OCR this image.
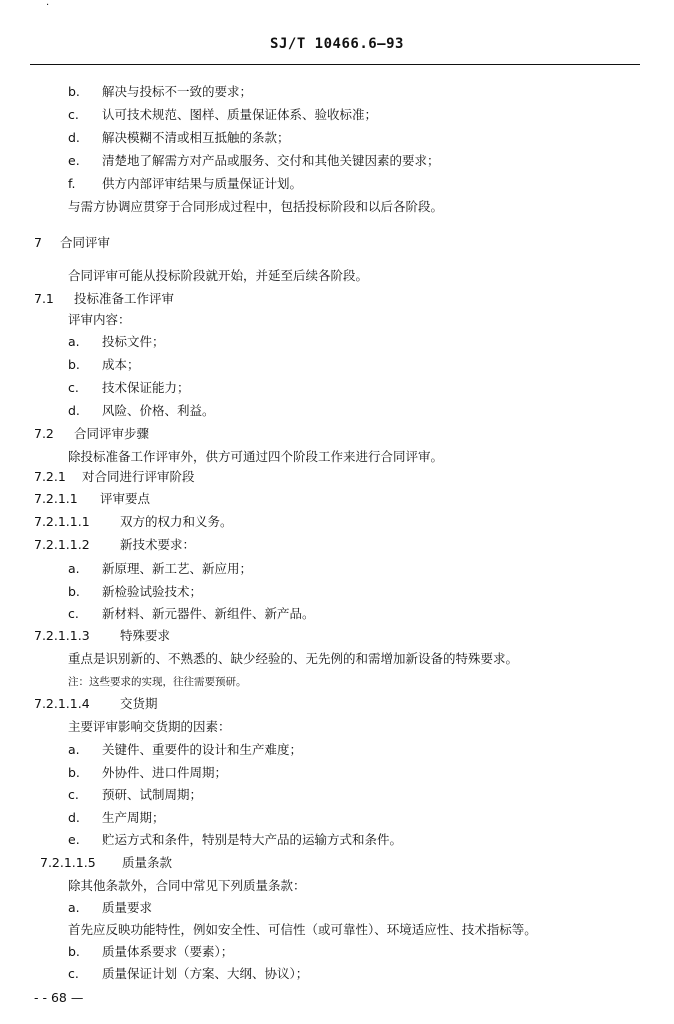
·
SJ/T 10466.6—93
b. 解决与投标不一致的要求；
c. 认可技术规范、图样、质量保证体系、验收标准；
d. 解决模糊不清或相互抵触的条款；
e. 清楚地了解需方对产品或服务、交付和其他关键因素的要求；
f. 供方内部评审结果与质量保证计划。
与需方协调应贯穿于合同形成过程中，包括投标阶段和以后各阶段。
7 合同评审
合同评审可能从投标阶段就开始，并延至后续各阶段。
7.1 投标准备工作评审
评审内容：
a. 投标文件；
b. 成本；
c. 技术保证能力；
d. 风险、价格、利益。
7.2 合同评审步骤
除投标准备工作评审外，供方可通过四个阶段工作来进行合同评审。
7.2.1 对合同进行评审阶段
7.2.1.1 评审要点
7.2.1.1.1 双方的权力和义务。
7.2.1.1.2 新技术要求：
a. 新原理、新工艺、新应用；
b. 新检验试验技术；
c. 新材料、新元器件、新组件、新产品。
7.2.1.1.3 特殊要求
重点是识别新的、不熟悉的、缺少经验的、无先例的和需增加新设备的特殊要求。
注：这些要求的实现，往往需要预研。
7.2.1.1.4 交货期
主要评审影响交货期的因素：
a. 关键件、重要件的设计和生产难度；
b. 外协件、进口件周期；
c. 预研、试制周期；
d. 生产周期；
e. 贮运方式和条件，特别是特大产品的运输方式和条件。
7.2.1.1.5 质量条款
除其他条款外，合同中常见下列质量条款：
a. 质量要求
首先应反映功能特性，例如安全性、可信性（或可靠性）、环境适应性、技术指标等。
b. 质量体系要求（要素）；
c. 质量保证计划（方案、大纲、协议）；
- - 68 —
